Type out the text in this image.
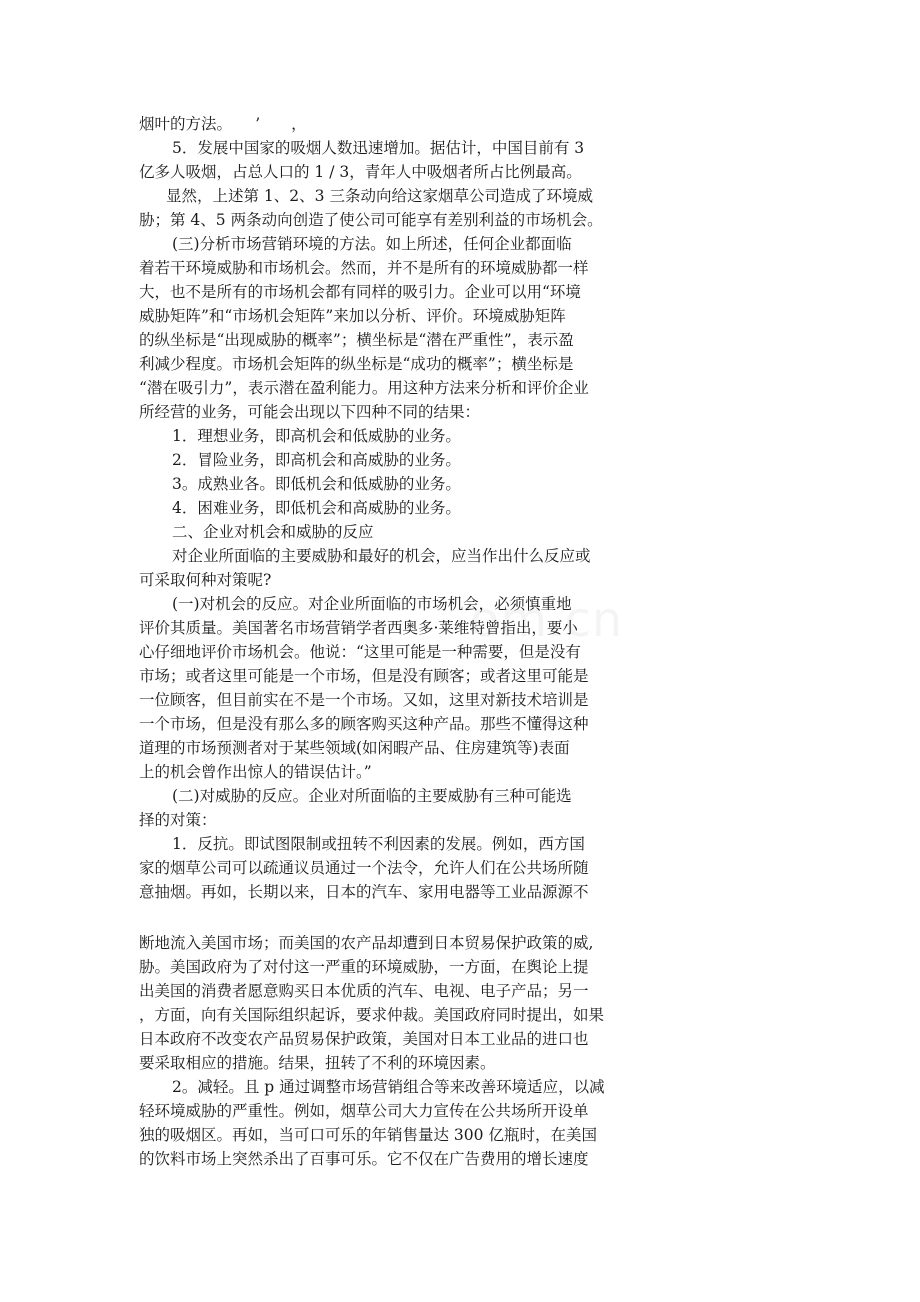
om.cn
烟叶的方法。　　’　　，
5．发展中国家的吸烟人数迅速增加。据估计，中国目前有 3
亿多人吸烟，占总人口的 1 / 3，青年人中吸烟者所占比例最高。
显然，上述第 1、2、3 三条动向给这家烟草公司造成了环境威
胁；第 4、5 两条动向创造了使公司可能享有差别利益的市场机会。
(三)分析市场营销环境的方法。如上所述，任何企业都面临
着若干环境威胁和市场机会。然而，并不是所有的环境威胁都一样
大，也不是所有的市场机会都有同样的吸引力。企业可以用“环境
威胁矩阵”和“市场机会矩阵”来加以分析、评价。环境威胁矩阵
的纵坐标是“出现威胁的概率”；横坐标是“潜在严重性”，表示盈
利减少程度。市场机会矩阵的纵坐标是“成功的概率”；横坐标是
“潜在吸引力”，表示潜在盈利能力。用这种方法来分析和评价企业
所经营的业务，可能会出现以下四种不同的结果：
1．理想业务，即高机会和低威胁的业务。
2．冒险业务，即高机会和高威胁的业务。
3。成熟业各。即低机会和低威胁的业务。
4．困难业务，即低机会和高威胁的业务。
二、企业对机会和威胁的反应
对企业所面临的主要威胁和最好的机会，应当作出什么反应或
可采取何种对策呢?
(一)对机会的反应。对企业所面临的市场机会，必须慎重地
评价其质量。美国著名市场营销学者西奥多·莱维特曾指出，要小
心仔细地评价市场机会。他说：“这里可能是一种需要，但是没有
市场；或者这里可能是一个市场，但是没有顾客；或者这里可能是
一位顾客，但目前实在不是一个市场。又如，这里对新技术培训是
一个市场，但是没有那么多的顾客购买这种产品。那些不懂得这种
道理的市场预测者对于某些领域(如闲暇产品、住房建筑等)表面
上的机会曾作出惊人的错误估计。”
(二)对威胁的反应。企业对所面临的主要威胁有三种可能选
择的对策：
1．反抗。即试图限制或扭转不利因素的发展。例如，西方国
家的烟草公司可以疏通议员通过一个法令，允许人们在公共场所随
意抽烟。再如，长期以来，日本的汽车、家用电器等工业品源源不
断地流入美国市场；而美国的农产品却遭到日本贸易保护政策的威,
胁。美国政府为了对付这一严重的环境威胁，一方面，在舆论上提
出美国的消费者愿意购买日本优质的汽车、电视、电子产品；另一
，方面，向有关国际组织起诉，要求仲裁。美国政府同时提出，如果
日本政府不改变农产品贸易保护政策，美国对日本工业品的进口也
要采取相应的措施。结果，扭转了不利的环境因素。
2。减轻。且 p 通过调整市场营销组合等来改善环境适应，以减
轻环境威胁的严重性。例如，烟草公司大力宣传在公共场所开设单
独的吸烟区。再如，当可口可乐的年销售量达 300 亿瓶时，在美国
的饮料市场上突然杀出了百事可乐。它不仅在广告费用的增长速度
